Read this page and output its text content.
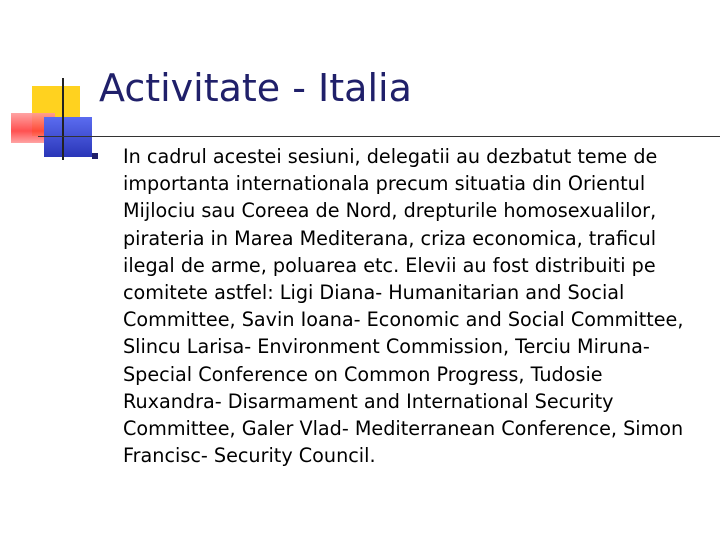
Activitate - Italia
In cadrul acestei sesiuni, delegatii au dezbatut teme de importanta internationala precum situatia din Orientul Mijlociu sau Coreea de Nord, drepturile homosexualilor, pirateria in Marea Mediterana, criza economica, traficul ilegal de arme, poluarea etc. Elevii au fost distribuiti pe comitete astfel: Ligi Diana- Humanitarian and Social Committee, Savin Ioana- Economic and Social Committee, Slincu Larisa- Environment Commission, Terciu Miruna- Special Conference on Common Progress, Tudosie Ruxandra- Disarmament and International Security Committee, Galer Vlad- Mediterranean Conference, Simon Francisc- Security Council.
